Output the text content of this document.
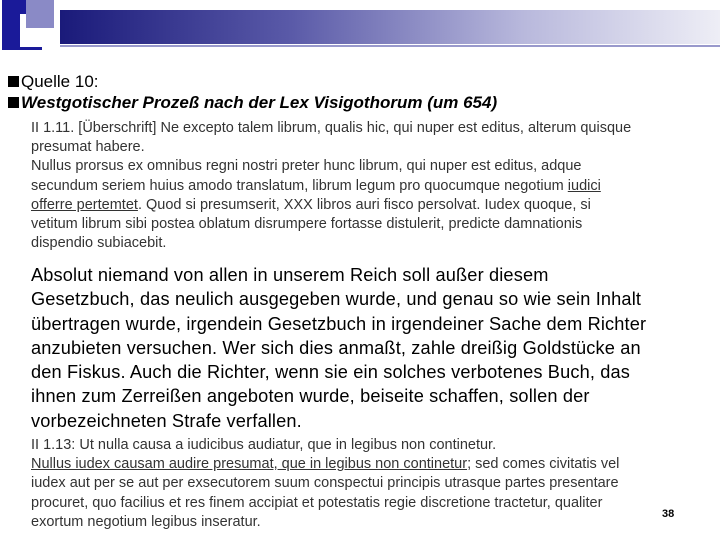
Quelle 10:
Westgotischer Prozeß nach der Lex Visigothorum (um 654)

II 1.11. [Überschrift] Ne excepto talem librum, qualis hic, qui nuper est editus, alterum quisque

presumat habere.

Nullus prorsus ex omnibus regni nostri preter hunc librum, qui nuper est editus, adque

secundum seriem huius amodo translatum, librum legum pro quocumque negotium iudici

offerre pertemtet. Quod si presumserit, XXX libros auri fisco persolvat. Iudex quoque, si

vetitum librum sibi postea oblatum disrumpere fortasse distulerit, predicte damnationis

dispendio subiacebit.

Absolut niemand von allen in unserem Reich soll außer diesem

Gesetzbuch, das neulich ausgegeben wurde, und genau so wie sein Inhalt

übertragen wurde, irgendein Gesetzbuch in irgendeiner Sache dem Richter

anzubieten versuchen. Wer sich dies anmaßt, zahle dreißig Goldstücke an

den Fiskus. Auch die Richter, wenn sie ein solches verbotenes Buch, das

ihnen zum Zerreißen angeboten wurde, beiseite schaffen, sollen der

vorbezeichneten Strafe verfallen.

II 1.13: Ut nulla causa a iudicibus audiatur, que in legibus non continetur.

Nullus iudex causam audire presumat, que in legibus non continetur; sed comes civitatis vel

iudex aut per se aut per exsecutorem suum conspectui principis utrasque partes presentare

procuret, quo facilius et res finem accipiat et potestatis regie discretione tractetur, qualiter

exortum negotium legibus inseratur.	38
